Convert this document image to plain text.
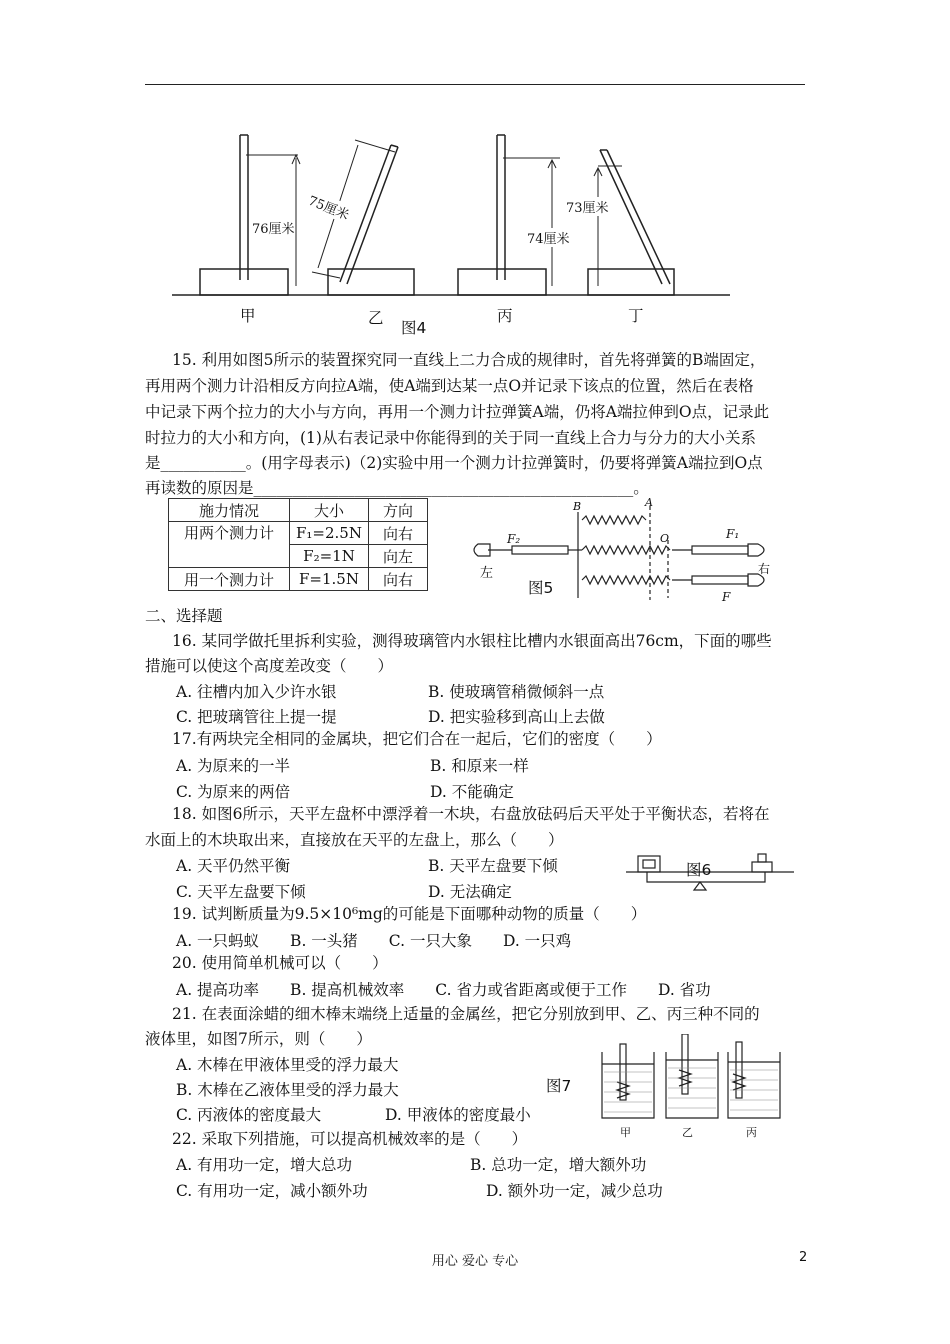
76厘米
75厘米
74厘米
73厘米
甲	乙
图4
丙	丁
15. 利用如图5所示的装置探究同一直线上二力合成的规律时，首先将弹簧的B端固定，
再用两个测力计沿相反方向拉A端，使A端到达某一点O并记录下该点的位置，然后在表格
中记录下两个拉力的大小与方向，再用一个测力计拉弹簧A端，仍将A端拉伸到O点，记录此
时拉力的大小和方向，(1)从右表记录中你能得到的关于同一直线上合力与分力的大小关系
是___________。(用字母表示)（2)实验中用一个测力计拉弹簧时，仍要将弹簧A端拉到O点
再读数的原因是_________________________________________________。
施力情况	大小	方向
用两个测力计	F₁=2.5N	向右
	F₂=1N	向左
用一个测力计	F=1.5N	向右
B	A
F₂	F₁
O
左
图5
右
F
二、选择题
16. 某同学做托里拆利实验，测得玻璃管内水银柱比槽内水银面高出76cm，下面的哪些
措施可以使这个高度差改变（　　）
A. 往槽内加入少许水银	B. 使玻璃管稍微倾斜一点
C. 把玻璃管往上提一提	D. 把实验移到高山上去做
17.有两块完全相同的金属块，把它们合在一起后，它们的密度（　　）
A. 为原来的一半	B. 和原来一样
C. 为原来的两倍	D. 不能确定
18. 如图6所示，天平左盘杯中漂浮着一木块，右盘放砝码后天平处于平衡状态，若将在
水面上的木块取出来，直接放在天平的左盘上，那么（　　）
A. 天平仍然平衡	B. 天平左盘要下倾
C. 天平左盘要下倾	D. 无法确定
图6
19. 试判断质量为9.5×10⁶mg的可能是下面哪种动物的质量（　　）
A. 一只蚂蚁　　B. 一头猪　　C. 一只大象　　D. 一只鸡
20. 使用简单机械可以（　　）
A. 提高功率　　B. 提高机械效率　　C. 省力或省距离或便于工作　　D. 省功
21. 在表面涂蜡的细木棒末端绕上适量的金属丝，把它分别放到甲、乙、丙三种不同的
液体里，如图7所示，则（　　）
A. 木棒在甲液体里受的浮力最大
B. 木棒在乙液体里受的浮力最大
C. 丙液体的密度最大	D. 甲液体的密度最小
图7
甲	乙	丙
22. 采取下列措施，可以提高机械效率的是（　　）
A. 有用功一定，增大总功	B. 总功一定，增大额外功
C. 有用功一定，减小额外功	D. 额外功一定，减少总功
用心 爱心 专心	2
